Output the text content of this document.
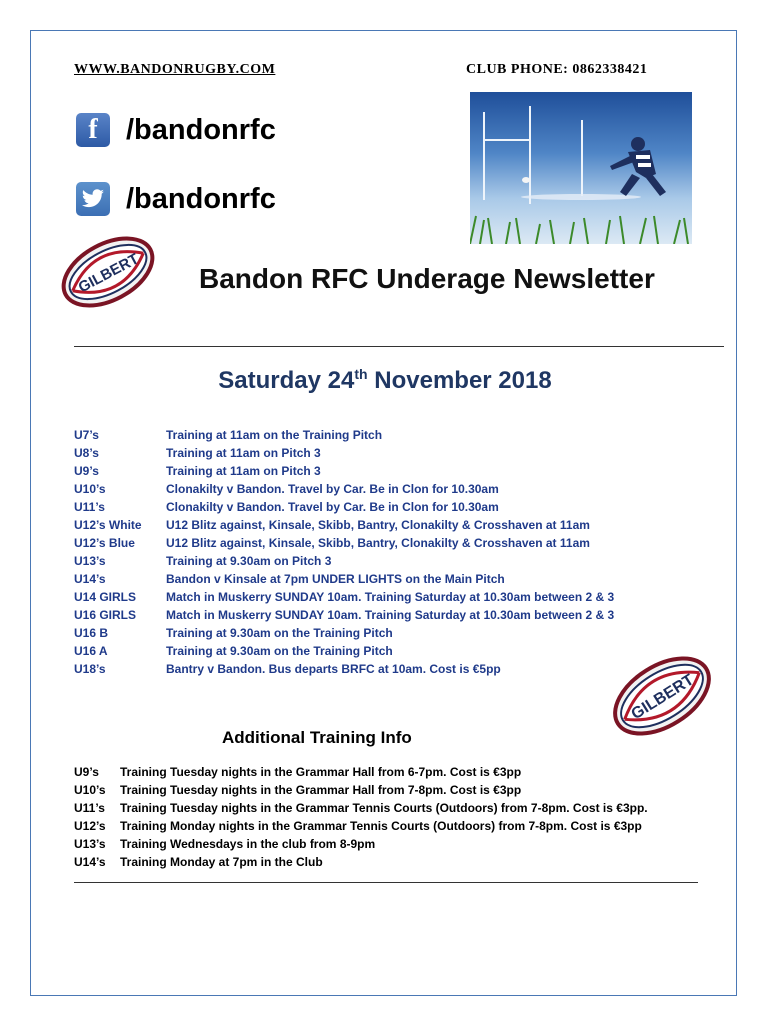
WWW.BANDONRUGBY.COM	CLUB PHONE: 0862338421
f /bandonrfc
/bandonrfc
GILBERT Bandon RFC Underage Newsletter
Saturday 24th November 2018
U7’s	Training at 11am on the Training Pitch
U8’s	Training at 11am on Pitch 3
U9’s	Training at 11am on Pitch 3
U10’s	Clonakilty v Bandon. Travel by Car. Be in Clon for 10.30am
U11’s	Clonakilty v Bandon. Travel by Car. Be in Clon for 10.30am
U12’s White	U12 Blitz against, Kinsale, Skibb, Bantry, Clonakilty & Crosshaven at 11am
U12’s Blue	U12 Blitz against, Kinsale, Skibb, Bantry, Clonakilty & Crosshaven at 11am
U13’s	Training at 9.30am on Pitch 3
U14’s	Bandon v Kinsale at 7pm UNDER LIGHTS on the Main Pitch
U14 GIRLS	Match in Muskerry SUNDAY 10am. Training Saturday at 10.30am between 2 & 3
U16 GIRLS	Match in Muskerry SUNDAY 10am. Training Saturday at 10.30am between 2 & 3
U16 B	Training at 9.30am on the Training Pitch
U16 A	Training at 9.30am on the Training Pitch
U18’s	Bantry v Bandon. Bus departs BRFC at 10am. Cost is €5pp
GILBERT
Additional Training Info
U9’s	Training Tuesday nights in the Grammar Hall from 6-7pm. Cost is €3pp
U10’s	Training Tuesday nights in the Grammar Hall from 7-8pm. Cost is €3pp
U11’s	Training Tuesday nights in the Grammar Tennis Courts (Outdoors) from 7-8pm. Cost is €3pp.
U12’s	Training Monday nights in the Grammar Tennis Courts (Outdoors) from 7-8pm. Cost is €3pp
U13’s	Training Wednesdays in the club from 8-9pm
U14’s	Training Monday at 7pm in the Club
